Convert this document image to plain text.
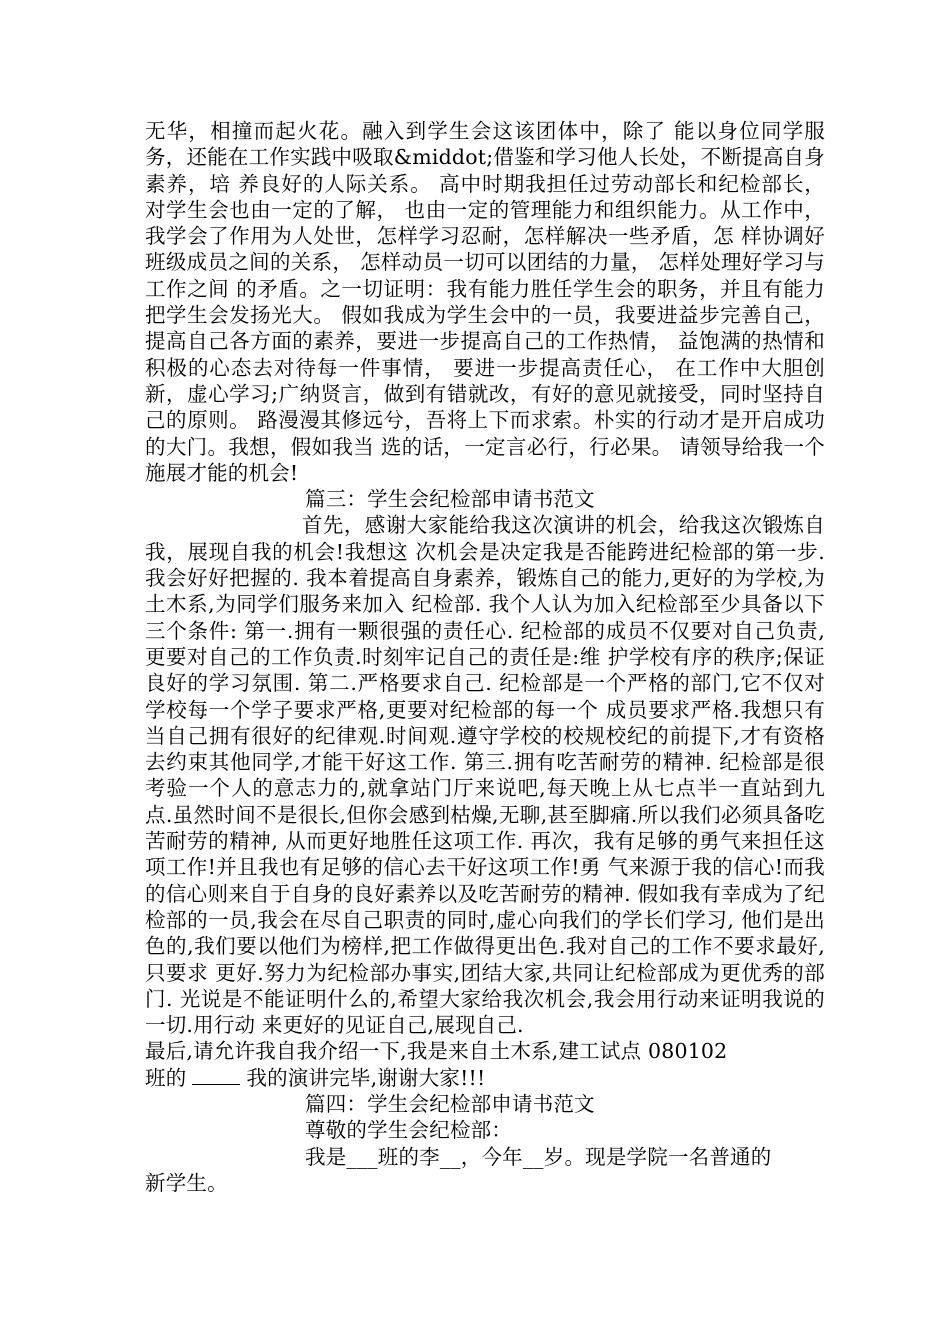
无华，相撞而起火花。融入到学生会这该团体中，除了 能以身位同学服务，还能在工作实践中吸取&middot;借鉴和学习他人长处，不断提高自身素养，培 养良好的人际关系。 高中时期我担任过劳动部长和纪检部长， 对学生会也由一定的了解， 也由一定的管理能力和组织能力。从工作中，我学会了作用为人处世，怎样学习忍耐，怎样解决一些矛盾，怎 样协调好班级成员之间的关系， 怎样动员一切可以团结的力量， 怎样处理好学习与工作之间 的矛盾。之一切证明：我有能力胜任学生会的职务，并且有能力把学生会发扬光大。 假如我成为学生会中的一员，我要进益步完善自己，提高自己各方面的素养，要进一步提高自己的工作热情， 益饱满的热情和积极的心态去对待每一件事情， 要进一步提高责任心， 在工作中大胆创新，虚心学习;广纳贤言，做到有错就改，有好的意见就接受，同时坚持自 己的原则。 路漫漫其修远兮，吾将上下而求索。朴实的行动才是开启成功的大门。我想，假如我当 选的话，一定言必行，行必果。 请领导给我一个施展才能的机会!

篇三：学生会纪检部申请书范文

首先，感谢大家能给我这次演讲的机会，给我这次锻炼自我，展现自我的机会!我想这 次机会是决定我是否能跨进纪检部的第一步. 我会好好把握的. 我本着提高自身素养，锻炼自己的能力,更好的为学校,为土木系,为同学们服务来加入 纪检部. 我个人认为加入纪检部至少具备以下三个条件: 第一.拥有一颗很强的责任心. 纪检部的成员不仅要对自己负责,更要对自己的工作负责.时刻牢记自己的责任是:维 护学校有序的秩序;保证良好的学习氛围. 第二.严格要求自己. 纪检部是一个严格的部门,它不仅对学校每一个学子要求严格,更要对纪检部的每一个 成员要求严格.我想只有当自己拥有很好的纪律观.时间观.遵守学校的校规校纪的前提下,才有资格去约束其他同学,才能干好这工作. 第三.拥有吃苦耐劳的精神. 纪检部是很考验一个人的意志力的,就拿站门厅来说吧,每天晚上从七点半一直站到九 点.虽然时间不是很长,但你会感到枯燥,无聊,甚至脚痛.所以我们必须具备吃苦耐劳的精神, 从而更好地胜任这项工作. 再次，我有足够的勇气来担任这项工作!并且我也有足够的信心去干好这项工作!勇 气来源于我的信心!而我的信心则来自于自身的良好素养以及吃苦耐劳的精神. 假如我有幸成为了纪检部的一员,我会在尽自己职责的同时,虚心向我们的学长们学习, 他们是出色的,我们要以他们为榜样,把工作做得更出色.我对自己的工作不要求最好,只要求 更好.努力为纪检部办事实,团结大家,共同让纪检部成为更优秀的部门. 光说是不能证明什么的,希望大家给我次机会,我会用行动来证明我说的一切.用行动 来更好的见证自己,展现自己.

最后,请允许我自我介绍一下,我是来自土木系,建工试点 080102
班的	我的演讲完毕,谢谢大家!!!

篇四：学生会纪检部申请书范文

尊敬的学生会纪检部：

我是___班的李__，今年__岁。现是学院一名普通的

新学生。
